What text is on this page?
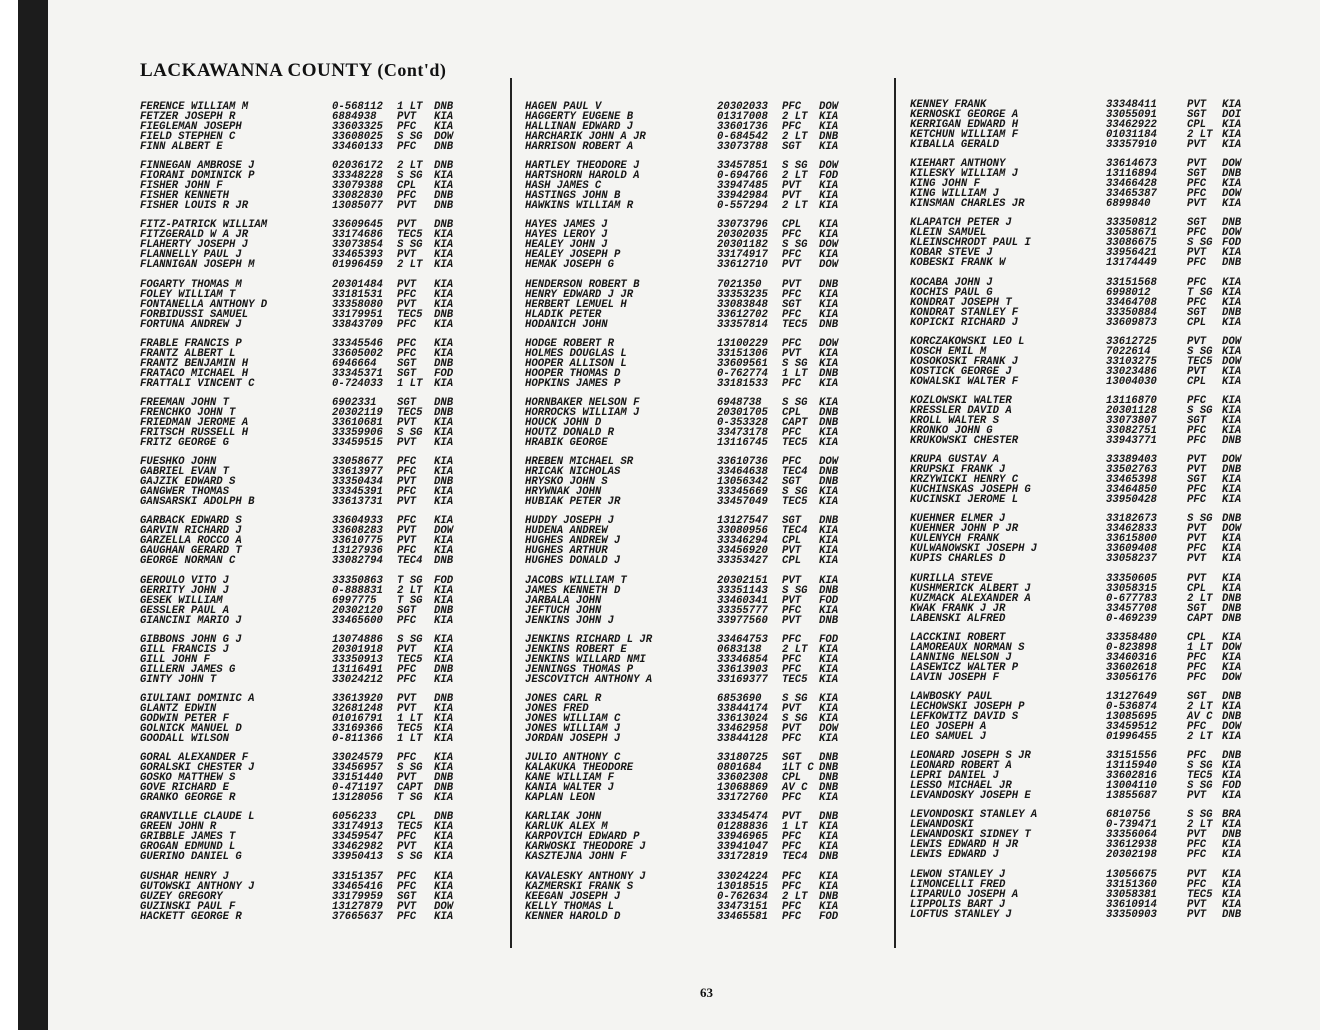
LACKAWANNA COUNTY (Cont'd)
FERENCE WILLIAM M	0-568112 1 LT DNB
FETZER JOSEPH R	6884938 PVT KIA
FIEGLEMAN JOSEPH	33603325 PFC KIA
FIELD STEPHEN C	33608025 S SG DOW
FINN ALBERT E	33460133 PFC DNB
FINNEGAN AMBROSE J	02036172 2 LT DNB
FIORANI DOMINICK P	33348228 S SG KIA
FISHER JOHN F	33079388 CPL KIA
FISHER KENNETH	33082830 PFC DNB
FISHER LOUIS R JR	13085077 PVT DNB
FITZ-PATRICK WILLIAM	33609645 PVT DNB
FITZGERALD W A JR	33174686 TEC5 KIA
FLAHERTY JOSEPH J	33073854 S SG KIA
FLANNELLY PAUL J	33465393 PVT KIA
FLANNIGAN JOSEPH M	01996459 2 LT KIA
FOGARTY THOMAS M	20301484 PVT KIA
FOLEY WILLIAM T	33181531 PFC KIA
FONTANELLA ANTHONY D	33358080 PVT KIA
FORBIDUSSI SAMUEL	33179951 TEC5 DNB
FORTUNA ANDREW J	33843709 PFC KIA
FRABLE FRANCIS P	33345546 PFC KIA
FRANTZ ALBERT L	33605002 PFC KIA
FRANTZ BENJAMIN H	6946664 SGT DNB
FRATACO MICHAEL H	33345371 SGT FOD
FRATTALI VINCENT C	0-724033 1 LT KIA
FREEMAN JOHN T	6902331 SGT DNB
FRENCHKO JOHN T	20302119 TEC5 DNB
FRIEDMAN JEROME A	33610681 PVT KIA
FRITSCH RUSSELL H	33359906 S SG KIA
FRITZ GEORGE G	33459515 PVT KIA
FUESHKO JOHN	33058677 PFC KIA
GABRIEL EVAN T	33613977 PFC KIA
GAJZIK EDWARD S	33350434 PVT DNB
GANGWER THOMAS	33345391 PFC KIA
GANSARSKI ADOLPH B	33613731 PVT KIA
GARBACK EDWARD S	33604933 PFC KIA
GARVIN RICHARD J	33608283 PVT DOW
GARZELLA ROCCO A	33610775 PVT KIA
GAUGHAN GERARD T	13127936 PFC KIA
GEORGE NORMAN C	33082794 TEC4 DNB
GEROULO VITO J	33350863 T SG FOD
GERRITY JOHN J	0-888831 2 LT KIA
GESEK WILLIAM	6997775 T SG KIA
GESSLER PAUL A	20302120 SGT DNB
GIANCINI MARIO J	33465600 PFC KIA
GIBBONS JOHN G J	13074886 S SG KIA
GILL FRANCIS J	20301918 PVT KIA
GILL JOHN F	33350913 TEC5 KIA
GILLERN JAMES G	13116491 PFC DNB
GINTY JOHN T	33024212 PFC KIA
GIULIANI DOMINIC A	33613920 PVT DNB
GLANTZ EDWIN	32681248 PVT KIA
GODWIN PETER F	01016791 1 LT KIA
GOLNICK MANUEL D	33169366 TEC5 KIA
GOODALL WILSON	0-811366 1 LT KIA
GORAL ALEXANDER F	33024579 PFC KIA
GORALSKI CHESTER J	33456957 S SG KIA
GOSKO MATTHEW S	33151440 PVT DNB
GOVE RICHARD E	0-471197 CAPT DNB
GRANKO GEORGE R	13128056 T SG KIA
GRANVILLE CLAUDE L	6056233 CPL DNB
GREEN JOHN R	33174913 TEC5 KIA
GRIBBLE JAMES T	33459547 PFC KIA
GROGAN EDMUND L	33462982 PVT KIA
GUERINO DANIEL G	33950413 S SG KIA
GUSHAR HENRY J	33151357 PFC KIA
GUTOWSKI ANTHONY J	33465416 PFC KIA
GUZEY GREGORY	33179959 SGT KIA
GUZINSKI PAUL F	13127879 PVT DOW
HACKETT GEORGE R	37665637 PFC KIA
HAGEN PAUL V	20302033 PFC DOW
HAGGERTY EUGENE B	01317008 2 LT KIA
HALLINAN EDWARD J	33601736 PFC KIA
HARCHARIK JOHN A JR	0-684542 2 LT DNB
HARRISON ROBERT A	33073788 SGT KIA
HARTLEY THEODORE J	33457851 S SG DOW
HARTSHORN HAROLD A	0-694766 2 LT FOD
HASH JAMES C	33947485 PVT KIA
HASTINGS JOHN B	33942984 PVT KIA
HAWKINS WILLIAM R	0-557294 2 LT KIA
HAYES JAMES J	33073796 CPL KIA
HAYES LEROY J	20302035 PFC KIA
HEALEY JOHN J	20301182 S SG DOW
HEALEY JOSEPH P	33174917 PFC KIA
HEMAK JOSEPH G	33612710 PVT DOW
HENDERSON ROBERT B	7021350 PVT DNB
HENRY EDWARD J JR	33353235 PFC KIA
HERBERT LEMUEL H	33083848 SGT KIA
HLADIK PETER	33612702 PFC KIA
HODANICH JOHN	33357814 TEC5 DNB
HODGE ROBERT R	13100229 PFC DOW
HOLMES DOUGLAS L	33151306 PVT KIA
HOOPER ALLISON L	33609561 S SG KIA
HOOPER THOMAS D	0-762774 1 LT DNB
HOPKINS JAMES P	33181533 PFC KIA
HORNBAKER NELSON F	6948738 S SG KIA
HORROCKS WILLIAM J	20301705 CPL DNB
HOUCK JOHN D	0-353328 CAPT DNB
HOUTZ DONALD R	33473178 PFC KIA
HRABIK GEORGE	13116745 TEC5 KIA
HREBEN MICHAEL SR	33610736 PFC DOW
HRICAK NICHOLAS	33464638 TEC4 DNB
HRYSKO JOHN S	13056342 SGT DNB
HRYWNAK JOHN	33345669 S SG KIA
HUBIAK PETER JR	33457049 TEC5 KIA
HUDDY JOSEPH J	13127547 SGT DNB
HUDENA ANDREW	33080956 TEC4 KIA
HUGHES ANDREW J	33346294 CPL KIA
HUGHES ARTHUR	33456920 PVT KIA
HUGHES DONALD J	33353427 CPL KIA
JACOBS WILLIAM T	20302151 PVT KIA
JAMES KENNETH D	33351143 S SG DNB
JARBALA JOHN	33460341 PVT FOD
JEFTUCH JOHN	33355777 PFC KIA
JENKINS JOHN J	33977560 PVT DNB
JENKINS RICHARD L JR	33464753 PFC FOD
JENKINS ROBERT E	0683138 2 LT KIA
JENKINS WILLARD NMI	33346854 PFC KIA
JENNINGS THOMAS P	33613903 PFC KIA
JESCOVITCH ANTHONY A	33169377 TEC5 KIA
JONES CARL R	6853690 S SG KIA
JONES FRED	33844174 PVT KIA
JONES WILLIAM C	33613024 S SG KIA
JONES WILLIAM J	33462958 PVT DOW
JORDAN JOSEPH J	33844128 PFC KIA
JULIO ANTHONY C	33180725 SGT DNB
KALAKUKA THEODORE	0801684 1LT C DNB
KANE WILLIAM F	33602308 CPL DNB
KANIA WALTER J	13068869 AV C DNB
KAPLAN LEON	33172760 PFC KIA
KARLIAK JOHN	33345474 PVT DNB
KARLUK ALEX M	01288836 1 LT KIA
KARPOVICH EDWARD P	33946965 PFC KIA
KARWOSKI THEODORE J	33941047 PFC KIA
KASZTEJNA JOHN F	33172819 TEC4 DNB
KAVALESKY ANTHONY J	33024224 PFC KIA
KAZMERSKI FRANK S	13018515 PFC KIA
KEEGAN JOSEPH J	0-762634 2 LT DNB
KELLY THOMAS L	33473151 PFC KIA
KENNER HAROLD D	33465581 PFC FOD
KENNEY FRANK	33348411	PVT KIA
KERNOSKI GEORGE A	33055091	SGT DOI
KERRIGAN EDWARD H	33462922	CPL KIA
KETCHUN WILLIAM F	01031184	2 LT KIA
KIBALLA GERALD	33357910	PVT KIA
KIEHART ANTHONY	33614673	PVT DOW
KILESKY WILLIAM J	13116894	SGT DNB
KING JOHN F	33466428	PFC KIA
KING WILLIAM J	33465387	PFC DOW
KINSMAN CHARLES JR	6899840	PVT KIA
KLAPATCH PETER J	33350812	SGT DNB
KLEIN SAMUEL	33058671	PFC DOW
KLEINSCHRODT PAUL I	33086675	S SG FOD
KOBAR STEVE J	33956421	PVT KIA
KOBESKI FRANK W	13174449	PFC DNB
KOCABA JOHN J	33151568	PFC KIA
KOCHIS PAUL G	6998012	T SG KIA
KONDRAT JOSEPH T	33464708	PFC KIA
KONDRAT STANLEY F	33350884	SGT DNB
KOPICKI RICHARD J	33609873	CPL KIA
KORCZAKOWSKI LEO L	33612725	PVT DOW
KOSCH EMIL M	7022614	S SG KIA
KOSOKOSKI FRANK J	33103275	TEC5 DOW
KOSTICK GEORGE J	33023486	PVT KIA
KOWALSKI WALTER F	13004030	CPL KIA
KOZLOWSKI WALTER	13116870	PFC KIA
KRESSLER DAVID A	20301128	S SG KIA
KROLL WALTER S	33073807	SGT KIA
KRONKO JOHN G	33082751	PFC KIA
KRUKOWSKI CHESTER	33943771	PFC DNB
KRUPA GUSTAV A	33389403	PVT DOW
KRUPSKI FRANK J	33502763	PVT DNB
KRZYWICKI HENRY C	33465398	SGT KIA
KUCHINSKAS JOSEPH G	33464850	PFC KIA
KUCINSKI JEROME L	33950428	PFC KIA
KUEHNER ELMER J	33182673	S SG DNB
KUEHNER JOHN P JR	33462833	PVT DOW
KULENYCH FRANK	33615800	PVT KIA
KULWANOWSKI JOSEPH J	33609408	PFC KIA
KUPIS CHARLES D	33058237	PVT KIA
KURILLA STEVE	33350605	PVT KIA
KUSHMERICK ALBERT J	33058315	CPL KIA
KUZMACK ALEXANDER A	0-677783	2 LT DNB
KWAK FRANK J JR	33457708	SGT DNB
LABENSKI ALFRED	0-469239	CAPT DNB
LACCKINI ROBERT	33358480	CPL KIA
LAMOREAUX NORMAN S	0-823898	1 LT DOW
LANNING NELSON J	33460316	PFC KIA
LASEWICZ WALTER P	33602618	PFC KIA
LAVIN JOSEPH F	33056176	PFC DOW
LAWBOSKY PAUL	13127649	SGT DNB
LECHOWSKI JOSEPH P	0-536874	2 LT KIA
LEFKOWITZ DAVID S	13085695	AV C DNB
LEO JOSEPH A	33459512	PFC DOW
LEO SAMUEL J	01996455	2 LT KIA
LEONARD JOSEPH S JR	33151556	PFC DNB
LEONARD ROBERT A	13115940	S SG KIA
LEPRI DANIEL J	33602816	TEC5 KIA
LESSO MICHAEL JR	13004110	S SG FOD
LEVANDOSKY JOSEPH E	13855687	PVT KIA
LEVONDOSKI STANLEY A	6810756	S SG BRA
LEWANDOSKI	0-739471	2 LT KIA
LEWANDOSKI SIDNEY T	33356064	PVT DNB
LEWIS EDWARD H JR	33612938	PFC KIA
LEWIS EDWARD J	20302198	PFC KIA
LEWON STANLEY J	13056675	PVT KIA
LIMONCELLI FRED	33151360	PFC KIA
LIPARULO JOSEPH A	33058381	TEC5 KIA
LIPPOLIS BART J	33610914	PVT KIA
LOFTUS STANLEY J	33350903	PVT DNB
63
